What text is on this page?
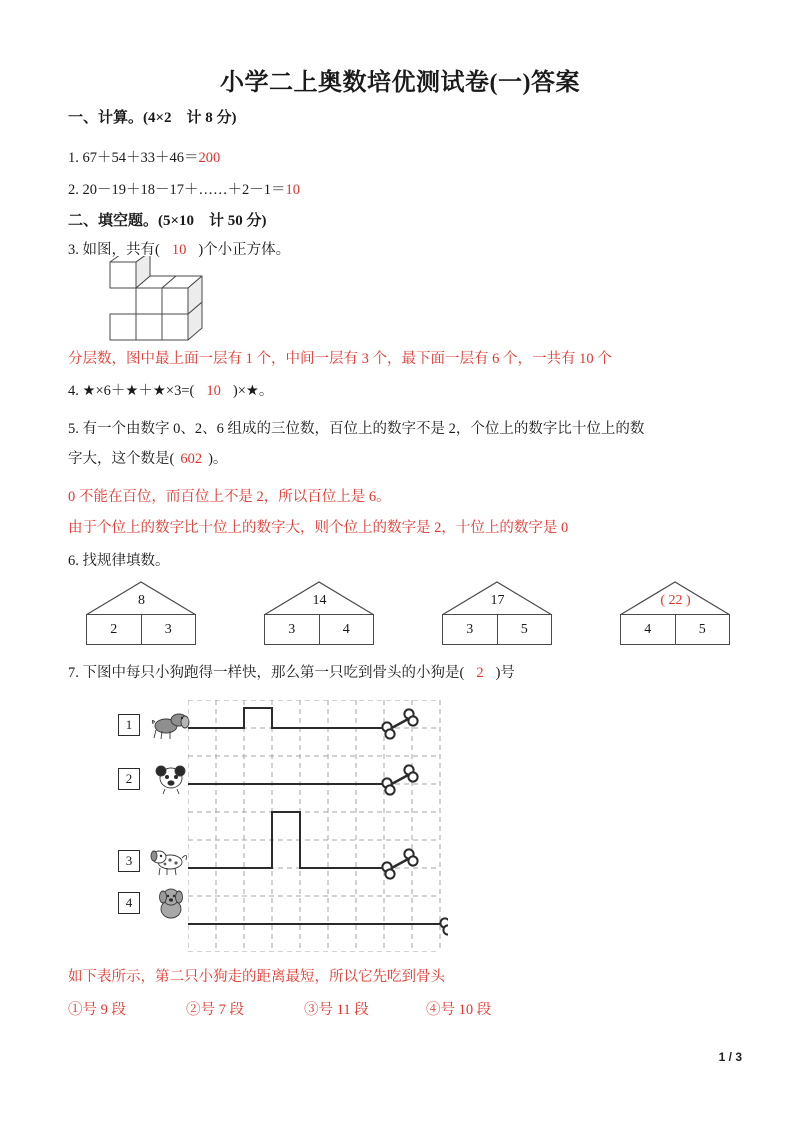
小学二上奥数培优测试卷(一)答案
一、计算。(4×2　计 8 分)
1. 67＋54＋33＋46＝200
2. 20－19＋18－17＋……＋2－1＝10
二、填空题。(5×10　计 50 分)
3. 如图，共有( 10 )个小正方体。
分层数，图中最上面一层有 1 个，中间一层有 3 个，最下面一层有 6 个，一共有 10 个
4. ★×6＋★＋★×3=( 10 )×★。
5. 有一个由数字 0、2、6 组成的三位数，百位上的数字不是 2，个位上的数字比十位上的数
字大，这个数是( 602 )。
0 不能在百位，而百位上不是 2，所以百位上是 6。
由于个位上的数字比十位上的数字大，则个位上的数字是 2，十位上的数字是 0
6. 找规律填数。
8
2	3
14
3	4
17
3	5
( 22 )
4	5
7. 下图中每只小狗跑得一样快，那么第一只吃到骨头的小狗是( 2 )号
1
2
3
4
如下表所示，第二只小狗走的距离最短，所以它先吃到骨头
①号 9 段	②号 7 段	③号 11 段	④号 10 段
1 / 3
